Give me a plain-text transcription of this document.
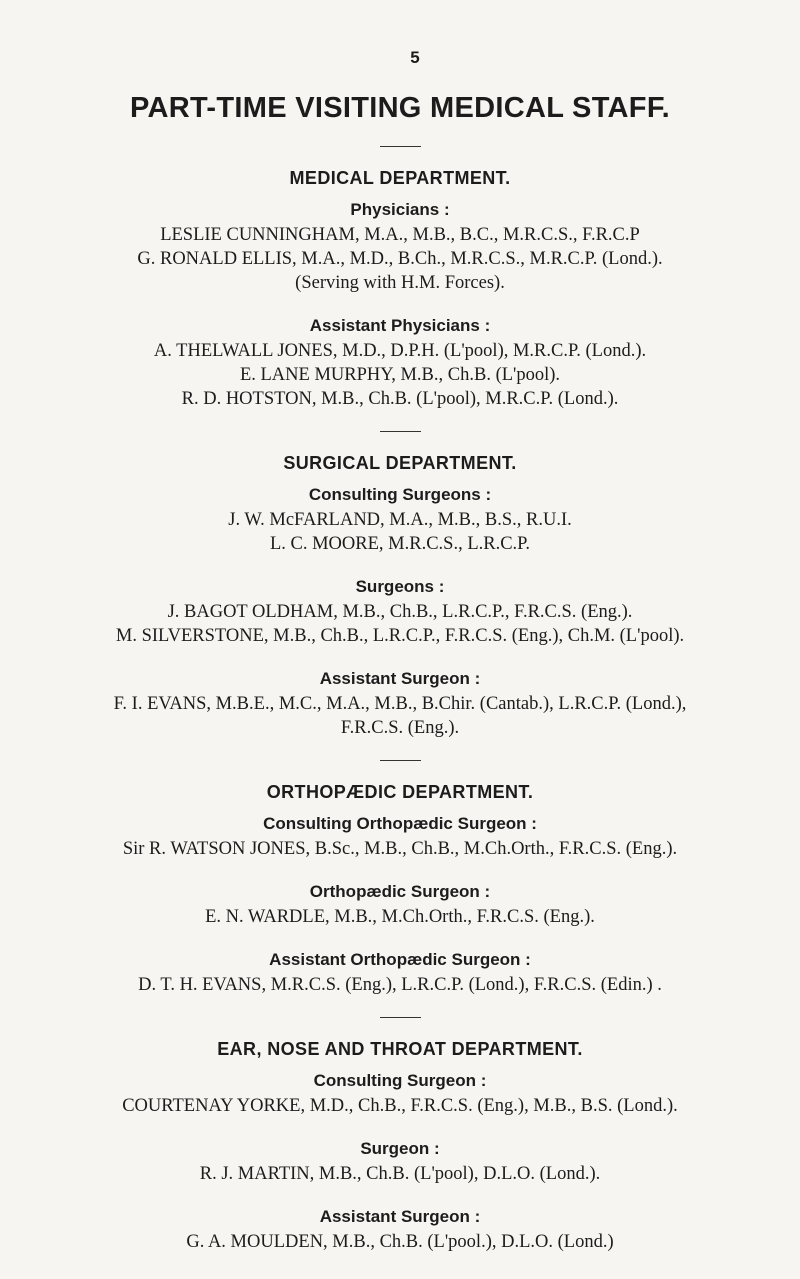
5
PART-TIME VISITING MEDICAL STAFF.
MEDICAL DEPARTMENT.
Physicians :
LESLIE CUNNINGHAM, M.A., M.B., B.C., M.R.C.S., F.R.C.P
G. RONALD ELLIS, M.A., M.D., B.Ch., M.R.C.S., M.R.C.P. (Lond.).
(Serving with H.M. Forces).
Assistant Physicians :
A. THELWALL JONES, M.D., D.P.H. (L'pool), M.R.C.P. (Lond.).
E. LANE MURPHY, M.B., Ch.B. (L'pool).
R. D. HOTSTON, M.B., Ch.B. (L'pool), M.R.C.P. (Lond.).
SURGICAL DEPARTMENT.
Consulting Surgeons :
J. W. McFARLAND, M.A., M.B., B.S., R.U.I.
L. C. MOORE, M.R.C.S., L.R.C.P.
Surgeons :
J. BAGOT OLDHAM, M.B., Ch.B., L.R.C.P., F.R.C.S. (Eng.).
M. SILVERSTONE, M.B., Ch.B., L.R.C.P., F.R.C.S. (Eng.), Ch.M. (L'pool).
Assistant Surgeon :
F. I. EVANS, M.B.E., M.C., M.A., M.B., B.Chir. (Cantab.), L.R.C.P. (Lond.),
F.R.C.S. (Eng.).
ORTHOPÆDIC DEPARTMENT.
Consulting Orthopædic Surgeon :
Sir R. WATSON JONES, B.Sc., M.B., Ch.B., M.Ch.Orth., F.R.C.S. (Eng.).
Orthopædic Surgeon :
E. N. WARDLE, M.B., M.Ch.Orth., F.R.C.S. (Eng.).
Assistant Orthopædic Surgeon :
D. T. H. EVANS, M.R.C.S. (Eng.), L.R.C.P. (Lond.), F.R.C.S. (Edin.) .
EAR, NOSE AND THROAT DEPARTMENT.
Consulting Surgeon :
COURTENAY YORKE, M.D., Ch.B., F.R.C.S. (Eng.), M.B., B.S. (Lond.).
Surgeon :
R. J. MARTIN, M.B., Ch.B. (L'pool), D.L.O. (Lond.).
Assistant Surgeon :
G. A. MOULDEN, M.B., Ch.B. (L'pool.), D.L.O. (Lond.)
